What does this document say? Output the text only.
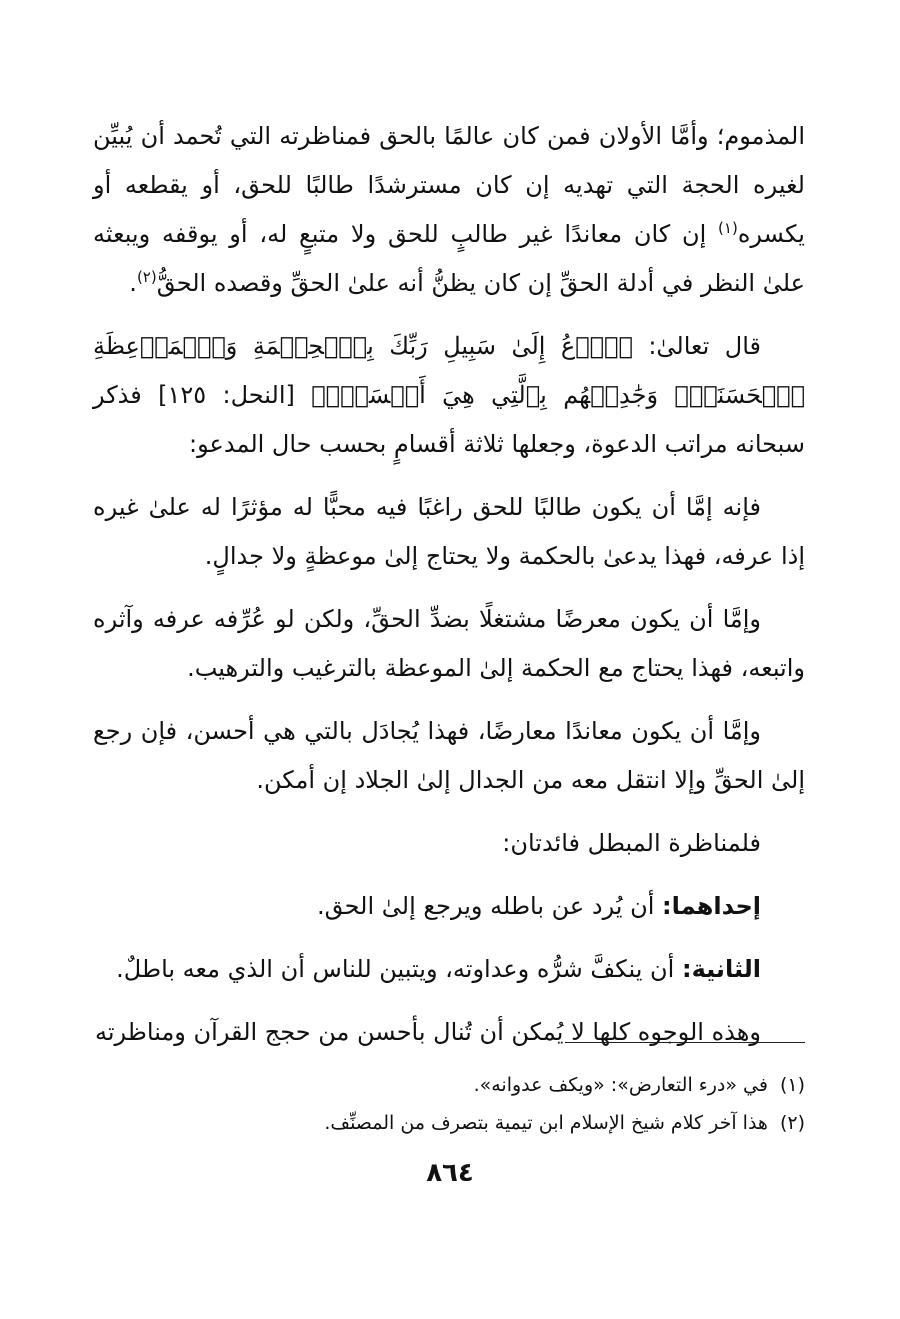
المذموم؛ وأمَّا الأولان فمن كان عالمًا بالحق فمناظرته التي تُحمد أن يُبيِّن لغيره الحجة التي تهديه إن كان مسترشدًا طالبًا للحق، أو يقطعه أو يكسره$^{(١)}$ إن كان معاندًا غير طالبٍ للحق ولا متبعٍ له، أو يوقفه ويبعثه علىٰ النظر في أدلة الحقِّ إن كان يظنُّ أنه علىٰ الحقِّ وقصده الحقُّ$^{(٢)}$.

قال تعالىٰ: ﴿ٱدۡعُ إِلَىٰ سَبِيلِ رَبِّكَ بِٱلۡحِكۡمَةِ وَٱلۡمَوۡعِظَةِ ٱلۡحَسَنَةِۖ وَجَٰدِلۡهُم بِٱلَّتِي هِيَ أَحۡسَنُۚ﴾ [النحل: ١٢٥] فذكر سبحانه مراتب الدعوة، وجعلها ثلاثة أقسامٍ بحسب حال المدعو:

فإنه إمَّا أن يكون طالبًا للحق راغبًا فيه محبًّا له مؤثرًا له علىٰ غيره إذا عرفه، فهذا يدعىٰ بالحكمة ولا يحتاج إلىٰ موعظةٍ ولا جدالٍ.

وإمَّا أن يكون معرضًا مشتغلًا بضدِّ الحقِّ، ولكن لو عُرِّفه عرفه وآثره واتبعه، فهذا يحتاج مع الحكمة إلىٰ الموعظة بالترغيب والترهيب.

وإمَّا أن يكون معاندًا معارضًا، فهذا يُجادَل بالتي هي أحسن، فإن رجع إلىٰ الحقِّ وإلا انتقل معه من الجدال إلىٰ الجلاد إن أمكن.

فلمناظرة المبطل فائدتان:

إحداهما: أن يُرد عن باطله ويرجع إلىٰ الحق.

الثانية: أن ينكفَّ شرُّه وعداوته، ويتبين للناس أن الذي معه باطلٌ.

وهذه الوجوه كلها لا يُمكن أن تُنال بأحسن من حجج القرآن ومناظرته

(١)في «درء التعارض»: «ويكف عدوانه».

(٢)هذا آخر كلام شيخ الإسلام ابن تيمية بتصرف من المصنِّف.

٨٦٤
